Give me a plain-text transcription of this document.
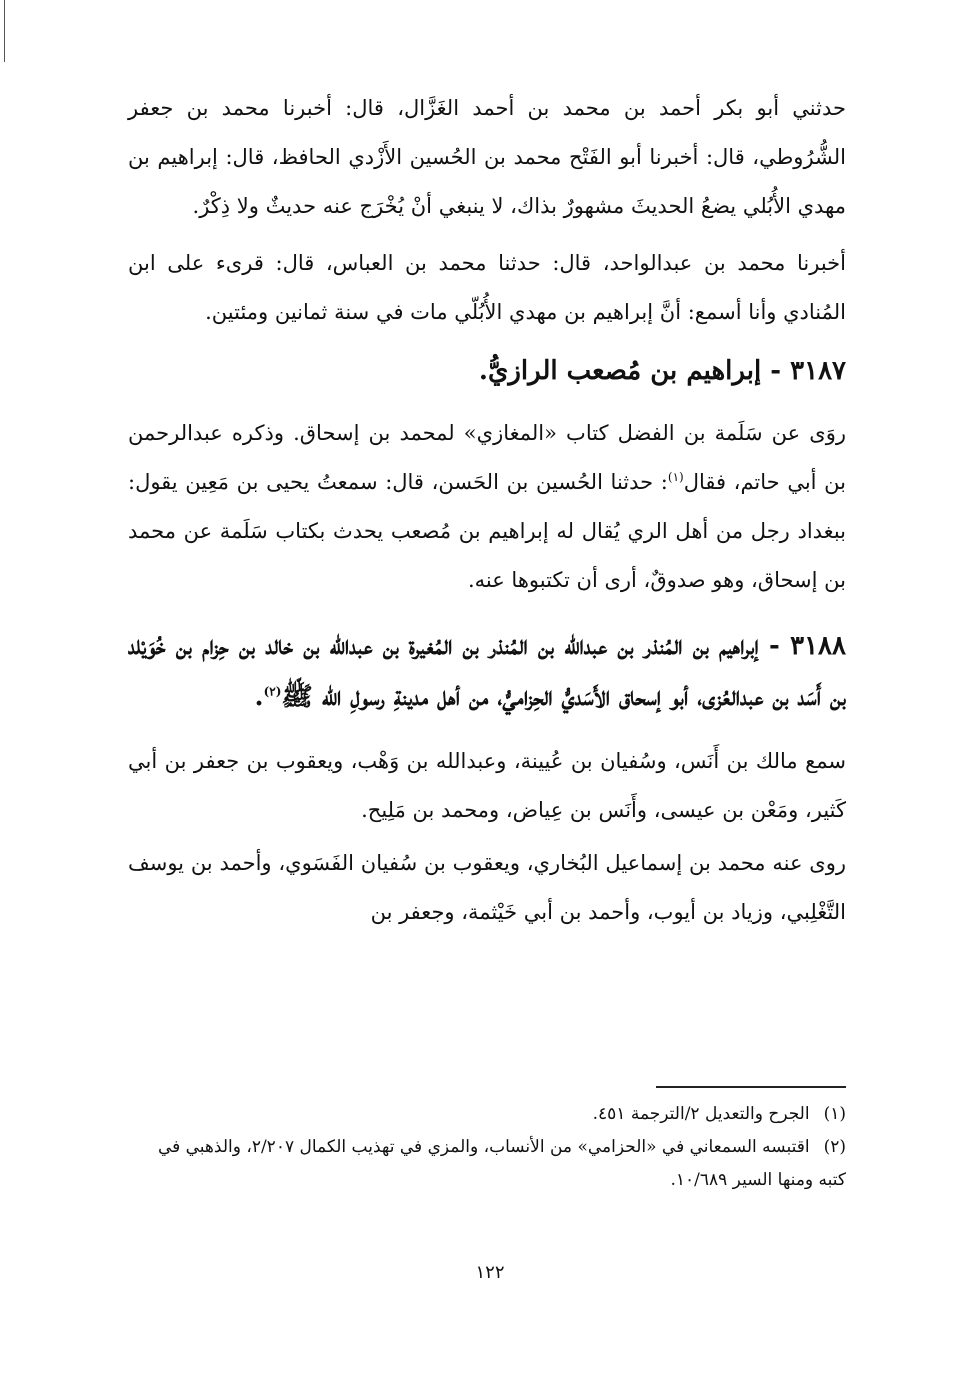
حدثني أبو بكر أحمد بن محمد بن أحمد الغَزَّال، قال: أخبرنا محمد بن جعفر الشُّرُوطي، قال: أخبرنا أبو الفَتْح محمد بن الحُسين الأَزْدي الحافظ، قال: إبراهيم بن مهدي الأُبُلي يضعُ الحديثَ مشهورٌ بذاك، لا ينبغي أنْ يُخْرَج عنه حديثٌ ولا ذِكْرٌ.

أخبرنا محمد بن عبدالواحد، قال: حدثنا محمد بن العباس، قال: قرىء على ابن المُنادي وأنا أسمع: أنَّ إبراهيم بن مهدي الأُبُلّي مات في سنة ثمانين ومئتين.

٣١٨٧ - إبراهيم بن مُصعب الرازيُّ.

روَى عن سَلَمة بن الفضل كتاب «المغازي» لمحمد بن إسحاق. وذكره عبدالرحمن بن أبي حاتم، فقال$^{(١)}$: حدثنا الحُسين بن الحَسن، قال: سمعتُ يحيى بن مَعِين يقول: ببغداد رجل من أهل الري يُقال له إبراهيم بن مُصعب يحدث بكتاب سَلَمة عن محمد بن إسحاق، وهو صدوقٌ، أرى أن تكتبوها عنه.

٣١٨٨ - إبراهيم بن المُنذر بن عبدالله بن المُنذر بن المُغيرة بن عبدالله بن خالد بن حِزام بن خُوَيْلد بن أَسَد بن عبدالعُزى، أبو إسحاق الأَسَديُّ الحِزاميُّ، من أهل مدينةِ رسولِ الله ﷺ$^{(٢)}$.

سمع مالك بن أَنَس، وسُفيان بن عُيينة، وعبدالله بن وَهْب، ويعقوب بن جعفر بن أبي كَثير، ومَعْن بن عيسى، وأَنَس بن عِياض، ومحمد بن مَلِيح.

روى عنه محمد بن إسماعيل البُخاري، ويعقوب بن سُفيان الفَسَوي، وأحمد بن يوسف التَّغْلِبي، وزياد بن أيوب، وأحمد بن أبي خَيْثمة، وجعفر بن

(١)الجرح والتعديل ٢/الترجمة ٤٥١.

(٢)اقتبسه السمعاني في «الحزامي» من الأنساب، والمزي في تهذيب الكمال ٢/٢٠٧، والذهبي في كتبه ومنها السير ١٠/٦٨٩.

١٢٢
